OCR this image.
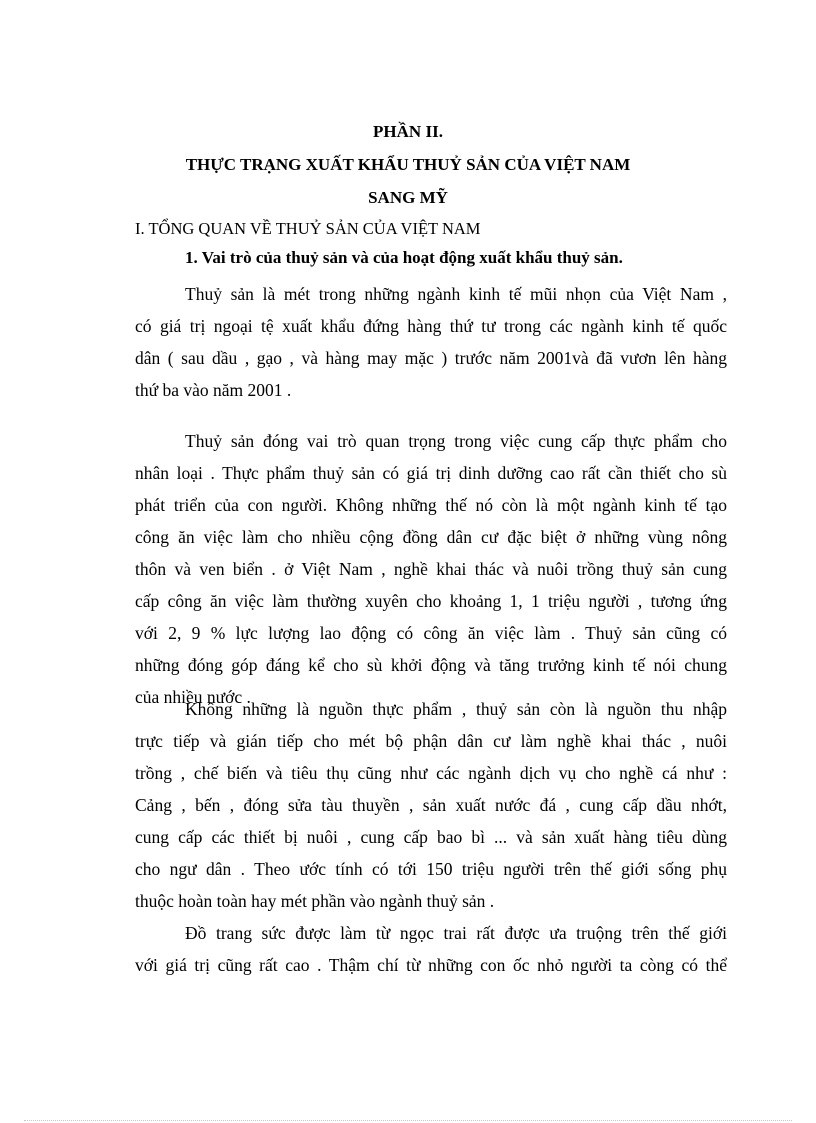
PHẦN II.
THỰC TRẠNG XUẤT KHẨU THUỶ SẢN CỦA VIỆT NAM
SANG MỸ
I. TỔNG QUAN VỀ THUỶ SẢN CỦA VIỆT NAM
1. Vai trò của thuỷ sản và của hoạt động xuất khẩu thuỷ sản.
Thuỷ sản là mét trong những ngành kinh tế mũi nhọn của Việt Nam ,
có giá trị ngoại tệ xuất khẩu đứng hàng thứ tư trong các ngành kinh tế quốc
dân ( sau dầu , gạo , và hàng may mặc ) trước năm 2001và đã vươn lên hàng
thứ ba vào năm 2001 .
Thuỷ sản đóng vai trò quan trọng trong việc cung cấp thực phẩm cho
nhân loại . Thực phẩm thuỷ sản có giá trị dinh dưỡng cao rất cần thiết cho sù
phát triển của con người. Không những thế nó còn là một ngành kinh tế tạo
công ăn việc làm cho nhiều cộng đồng dân cư đặc biệt ở những vùng nông
thôn và ven biển . ở Việt Nam , nghề khai thác và nuôi trồng thuỷ sản cung
cấp công ăn việc làm thường xuyên cho khoảng 1, 1 triệu người , tương ứng
với 2, 9 % lực lượng lao động có công ăn việc làm . Thuỷ sản cũng có
những đóng góp đáng kể cho sù khởi động và tăng trưởng kinh tế nói chung
của nhiều nước .
Không những là nguồn thực phẩm , thuỷ sản còn là nguồn thu nhập
trực tiếp và gián tiếp cho mét bộ phận dân cư làm nghề khai thác , nuôi
trồng , chế biến và tiêu thụ cũng như các ngành dịch vụ cho nghề cá như :
Cảng , bến , đóng sửa tàu thuyền , sản xuất nước đá , cung cấp dầu nhớt,
cung cấp các thiết bị nuôi , cung cấp bao bì ... và sản xuất hàng tiêu dùng
cho ngư dân . Theo ước tính có tới 150 triệu người trên thế giới sống phụ
thuộc hoàn toàn hay mét phần vào ngành thuỷ sản .
Đồ trang sức được làm từ ngọc trai rất được ưa truộng trên thế giới
với giá trị cũng rất cao . Thậm chí từ những con ốc nhỏ người ta còng có thể
